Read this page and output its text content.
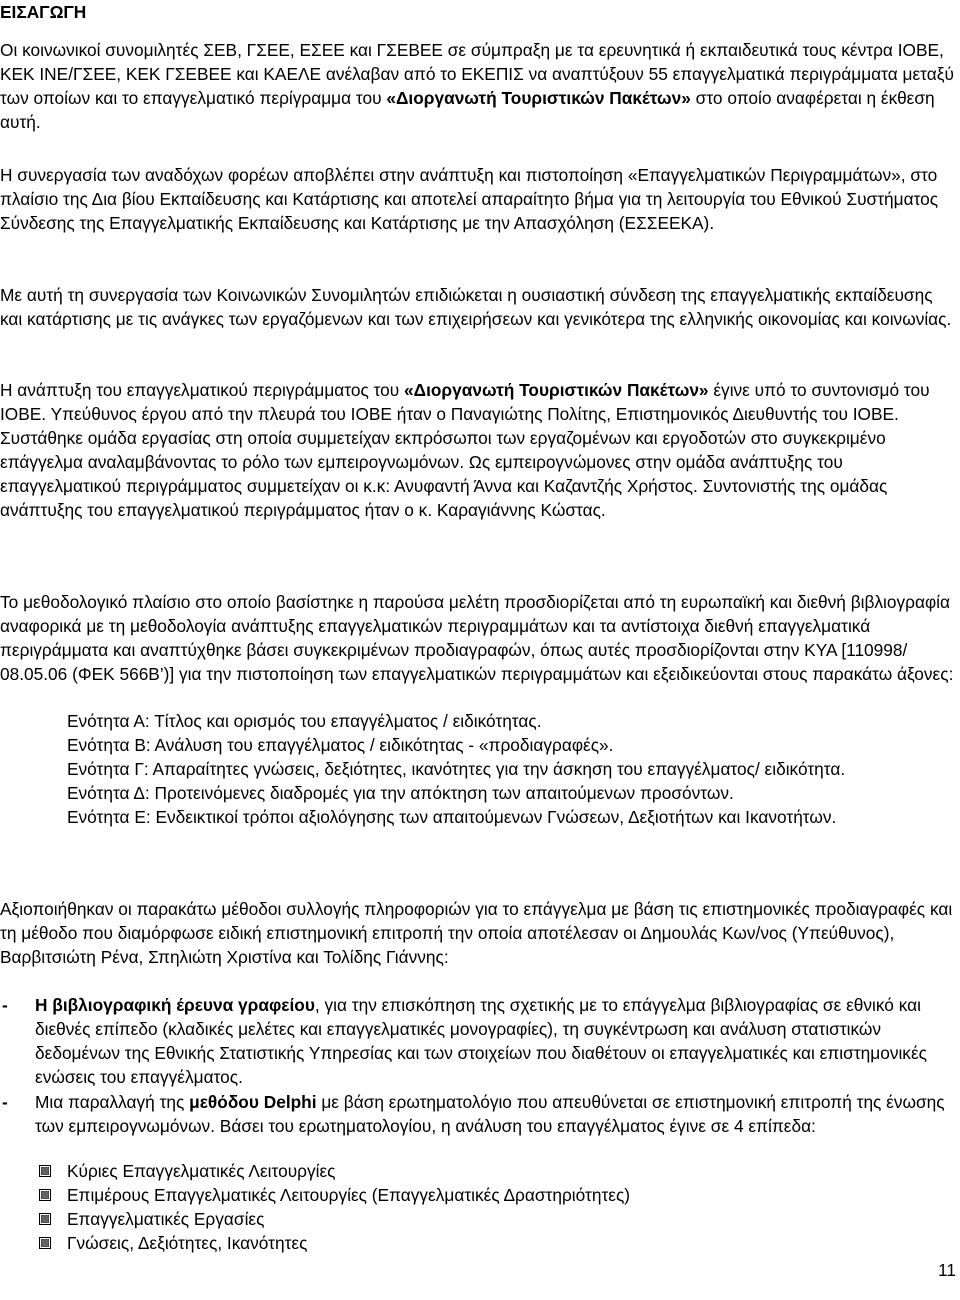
ΕΙΣΑΓΩΓΗ

Οι κοινωνικοί συνομιλητές ΣΕΒ, ΓΣΕΕ, ΕΣΕΕ και ΓΣΕΒΕΕ σε σύμπραξη με τα ερευνητικά ή εκπαιδευτικά τους κέντρα ΙΟΒΕ, ΚΕΚ ΙΝΕ/ΓΣΕΕ, ΚΕΚ ΓΣΕΒΕΕ και ΚΑΕΛΕ ανέλαβαν από το ΕΚΕΠΙΣ να αναπτύξουν 55 επαγγελματικά περιγράμματα μεταξύ των οποίων και το επαγγελματικό περίγραμμα του «Διοργανωτή Τουριστικών Πακέτων» στο οποίο αναφέρεται η έκθεση αυτή.

Η συνεργασία των αναδόχων φορέων αποβλέπει στην ανάπτυξη και πιστοποίηση «Επαγγελματικών Περιγραμμάτων», στο πλαίσιο της Δια βίου Εκπαίδευσης και Κατάρτισης και αποτελεί απαραίτητο βήμα για τη λειτουργία του Εθνικού Συστήματος Σύνδεσης της Επαγγελματικής Εκπαίδευσης και Κατάρτισης με την Απασχόληση (ΕΣΣΕΕΚΑ).

Με αυτή τη συνεργασία των Κοινωνικών Συνομιλητών επιδιώκεται η ουσιαστική σύνδεση της επαγγελματικής εκπαίδευσης και κατάρτισης με τις ανάγκες των εργαζόμενων και των επιχειρήσεων και γενικότερα της ελληνικής οικονομίας και κοινωνίας.

Η ανάπτυξη του επαγγελματικού περιγράμματος του «Διοργανωτή Τουριστικών Πακέτων» έγινε υπό το συντονισμό του ΙΟΒΕ. Υπεύθυνος έργου από την πλευρά του ΙΟΒΕ ήταν ο Παναγιώτης Πολίτης, Επιστημονικός Διευθυντής του ΙΟΒΕ.
Συστάθηκε ομάδα εργασίας στη οποία συμμετείχαν εκπρόσωποι των εργαζομένων και εργοδοτών στο συγκεκριμένο επάγγελμα αναλαμβάνοντας το ρόλο των εμπειρογνωμόνων. Ως εμπειρογνώμονες στην ομάδα ανάπτυξης του επαγγελματικού περιγράμματος συμμετείχαν οι κ.κ: Ανυφαντή Άννα και Καζαντζής Χρήστος. Συντονιστής της ομάδας ανάπτυξης του επαγγελματικού περιγράμματος ήταν ο κ. Καραγιάννης Κώστας.

Το μεθοδολογικό πλαίσιο στο οποίο βασίστηκε η παρούσα μελέτη προσδιορίζεται από τη ευρωπαϊκή και διεθνή βιβλιογραφία αναφορικά με τη μεθοδολογία ανάπτυξης επαγγελματικών περιγραμμάτων και τα αντίστοιχα διεθνή επαγγελματικά περιγράμματα και αναπτύχθηκε βάσει συγκεκριμένων προδιαγραφών, όπως αυτές προσδιορίζονται στην ΚΥΑ [110998/ 08.05.06 (ΦΕΚ 566Β’)] για την πιστοποίηση των επαγγελματικών περιγραμμάτων και εξειδικεύονται στους παρακάτω άξονες:

Ενότητα Α: Τίτλος και ορισμός του επαγγέλματος / ειδικότητας.
Ενότητα Β: Ανάλυση του επαγγέλματος / ειδικότητας - «προδιαγραφές».
Ενότητα Γ: Απαραίτητες γνώσεις, δεξιότητες, ικανότητες για την άσκηση του επαγγέλματος/ ειδικότητα.
Ενότητα Δ: Προτεινόμενες διαδρομές για την απόκτηση των απαιτούμενων προσόντων.
Ενότητα Ε: Ενδεικτικοί τρόποι αξιολόγησης των απαιτούμενων Γνώσεων, Δεξιοτήτων και Ικανοτήτων.

Αξιοποιήθηκαν οι παρακάτω μέθοδοι συλλογής πληροφοριών για το επάγγελμα με βάση τις επιστημονικές προδιαγραφές και τη μέθοδο που διαμόρφωσε ειδική επιστημονική επιτροπή την οποία αποτέλεσαν οι Δημουλάς Κων/νος (Υπεύθυνος), Βαρβιτσιώτη Ρένα, Σπηλιώτη Χριστίνα και Τολίδης Γιάννης:

- Η βιβλιογραφική έρευνα γραφείου, για την επισκόπηση της σχετικής με το επάγγελμα βιβλιογραφίας σε εθνικό και διεθνές επίπεδο (κλαδικές μελέτες και επαγγελματικές μονογραφίες), τη συγκέντρωση και ανάλυση στατιστικών δεδομένων της Εθνικής Στατιστικής Υπηρεσίας και των στοιχείων που διαθέτουν οι επαγγελματικές και επιστημονικές ενώσεις του επαγγέλματος.
- Μια παραλλαγή της μεθόδου Delphi με βάση ερωτηματολόγιο που απευθύνεται σε επιστημονική επιτροπή της ένωσης των εμπειρογνωμόνων. Βάσει του ερωτηματολογίου, η ανάλυση του επαγγέλματος έγινε σε 4 επίπεδα:
Κύριες Επαγγελματικές Λειτουργίες
Επιμέρους Επαγγελματικές Λειτουργίες (Επαγγελματικές Δραστηριότητες)
Επαγγελματικές Εργασίες
Γνώσεις, Δεξιότητες, Ικανότητες
11
